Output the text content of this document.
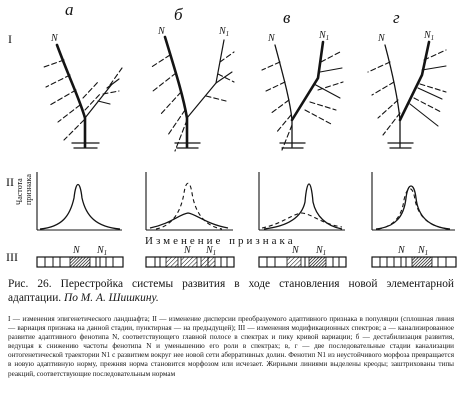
а	б	в	г
I
II
III
N
N	$N_1$	N	$N_1$	N	$N_1$
Частота признака
Изменение признака
N $N_1$	N $N_1$	N $N_1$	N $N_1$

Рис. 26. Перестройка системы развития в ходе становления новой элементарной адаптации. По М. А. Шишкину.

I — изменения эпигенетического ландшафта; II — изменение дисперсии преобразуемого адаптивного признака в популяции (сплошная линия — вариация признака на данной стадии, пунктирная — на предыдущей); III — изменения модификационных спектров; а — канализированное развитие адаптивного фенотипа N, соответствующего главной полосе в спектрах и пику кривой вариации; б — дестабилизация развития, ведущая к снижению частоты фенотипа N и уменьшению его роли в спектрах; в, г — две последовательные стадии канализации онтогенетической траектории N1 с развитием вокруг нее новой сети аберративных долин. Фенотип N1 из неустойчивого морфоза превращается в новую адаптивную норму, прежняя норма становится морфозом или исчезает. Жирными линиями выделены креоды; заштрихованы типы реакций, соответствующие последовательным нормам
